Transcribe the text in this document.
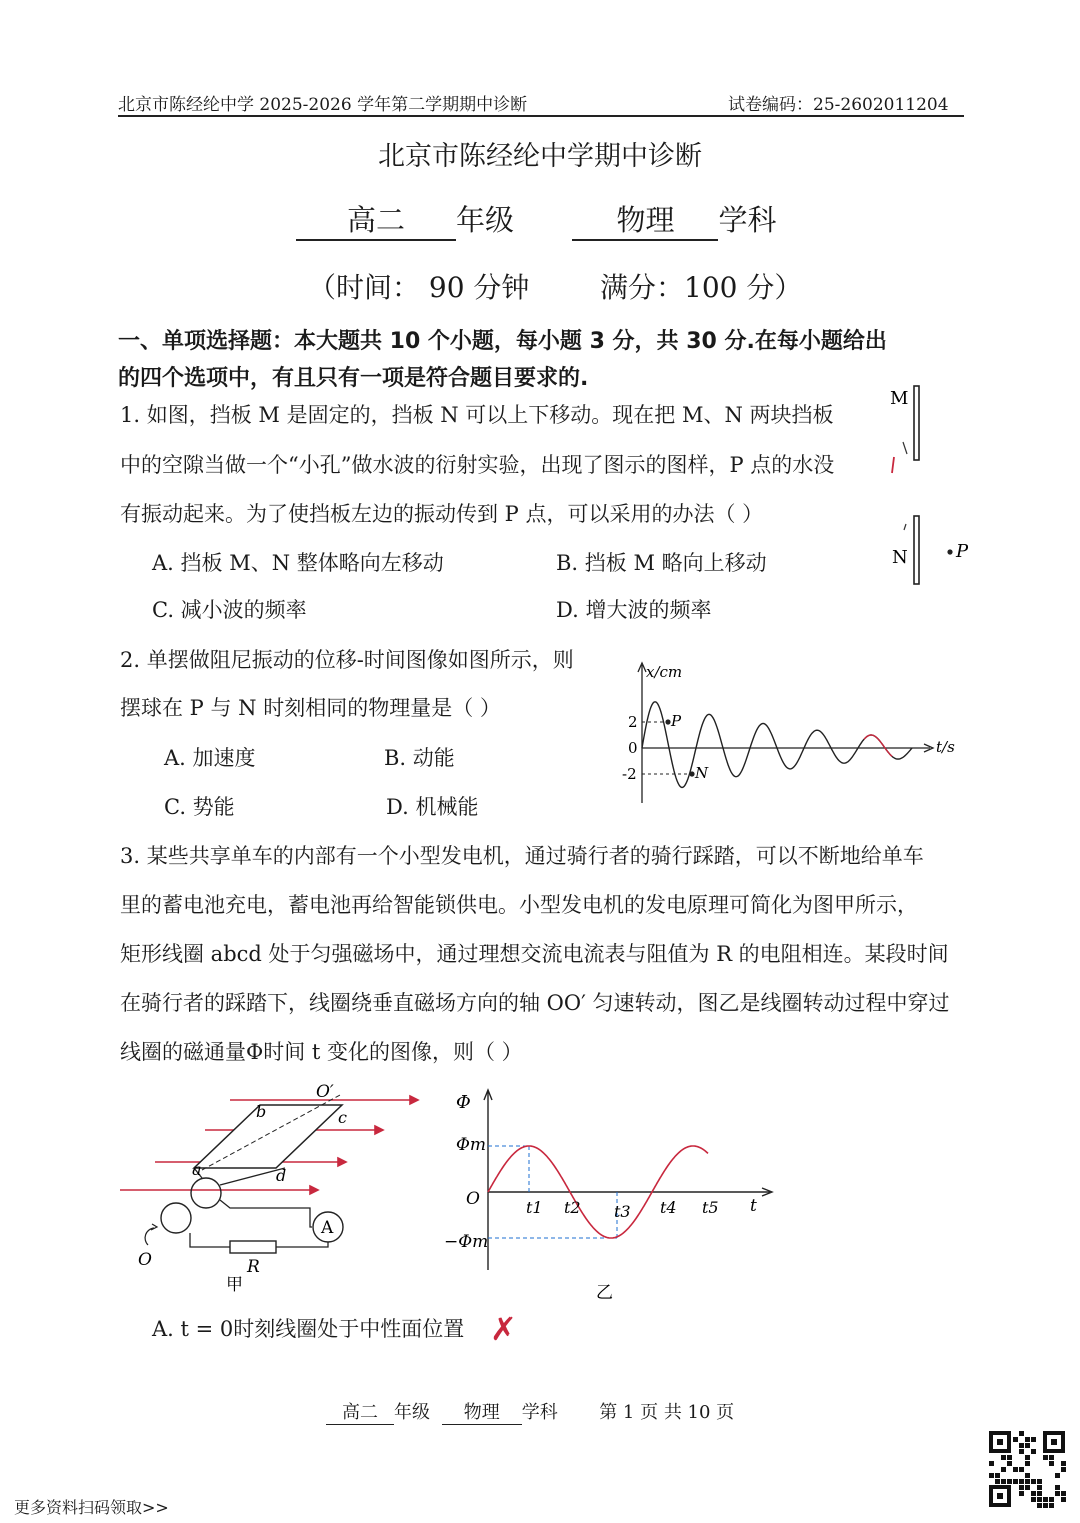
北京市陈经纶中学 2025-2026 学年第二学期期中诊断	试卷编码：25-2602011204
北京市陈经纶中学期中诊断
高二 年级	物理 学科
（时间： 90 分钟	满分：100 分）
一、单项选择题：本大题共 10 个小题，每小题 3 分，共 30 分.在每小题给出
的四个选项中，有且只有一项是符合题目要求的.
1. 如图，挡板 M 是固定的，挡板 N 可以上下移动。现在把 M、N 两块挡板
中的空隙当做一个“小孔”做水波的衍射实验，出现了图示的图样，P 点的水没
有振动起来。为了使挡板左边的振动传到 P 点，可以采用的办法（ ）
A. 挡板 M、N 整体略向左移动	B. 挡板 M 略向上移动
C. 减小波的频率	D. 增大波的频率
M
N	P
2. 单摆做阻尼振动的位移-时间图像如图所示，则
摆球在 P 与 N 时刻相同的物理量是（ ）
A. 加速度	B. 动能
C. 势能	D. 机械能
x/cm
t/s
2
0
-2
P
N
3. 某些共享单车的内部有一个小型发电机，通过骑行者的骑行踩踏，可以不断地给单车
里的蓄电池充电，蓄电池再给智能锁供电。小型发电机的发电原理可简化为图甲所示，
矩形线圈 abcd 处于匀强磁场中，通过理想交流电流表与阻值为 R 的电阻相连。某段时间
在骑行者的踩踏下，线圈绕垂直磁场方向的轴 OO′ 匀速转动，图乙是线圈转动过程中穿过
线圈的磁通量Φ时间 t 变化的图像，则（ ）
A
O′
b	c
a	d
O	R
甲
Φ
Φm
−Φm
O	t1 t2 t3 t4 t5 t
乙
A. t = 0时刻线圈处于中性面位置 ✗
高二 年级 物理 学科 第 1 页 共 10 页
更多资料扫码领取>>
